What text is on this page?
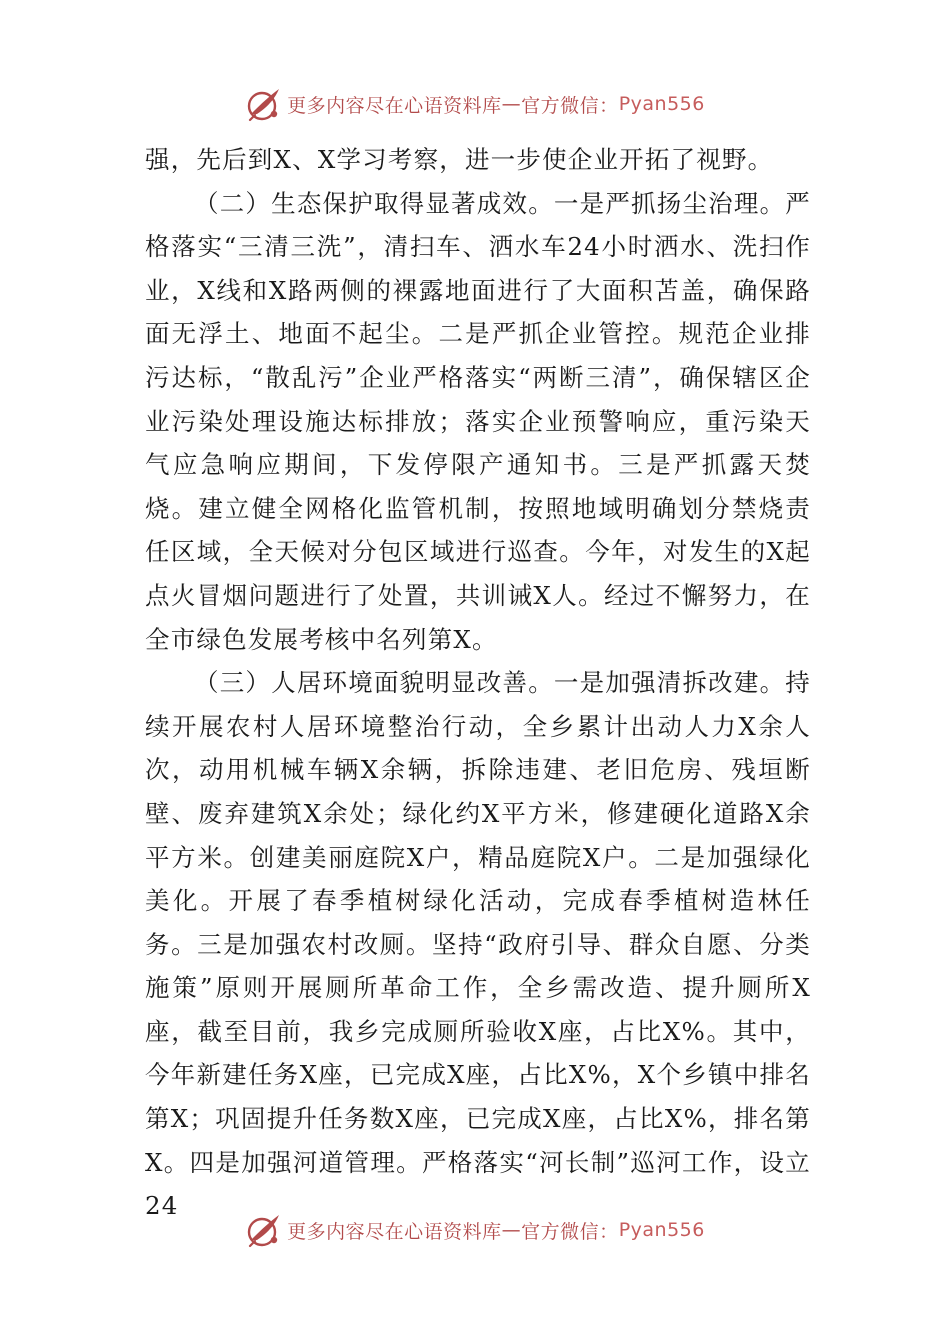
更多内容尽在心语资料库 — 官方微信： Pyan556

强，先后到X、X学习考察，进一步使企业开拓了视野。

（二）生态保护取得显著成效。一是严抓扬尘治理。严格落实“三清三洗”，清扫车、洒水车24小时洒水、洗扫作业，X线和X路两侧的裸露地面进行了大面积苫盖，确保路面无浮土、地面不起尘。二是严抓企业管控。规范企业排污达标，“散乱污”企业严格落实“两断三清”，确保辖区企业污染处理设施达标排放；落实企业预警响应，重污染天气应急响应期间，下发停限产通知书。三是严抓露天焚烧。建立健全网格化监管机制，按照地域明确划分禁烧责任区域，全天候对分包区域进行巡查。今年，对发生的X起点火冒烟问题进行了处置，共训诫X人。经过不懈努力，在全市绿色发展考核中名列第X。

（三）人居环境面貌明显改善。一是加强清拆改建。持续开展农村人居环境整治行动，全乡累计出动人力X余人次，动用机械车辆X余辆，拆除违建、老旧危房、残垣断壁、废弃建筑X余处；绿化约X平方米，修建硬化道路X余平方米。创建美丽庭院X户，精品庭院X户。二是加强绿化美化。开展了春季植树绿化活动，完成春季植树造林任务。三是加强农村改厕。坚持“政府引导、群众自愿、分类施策”原则开展厕所革命工作，全乡需改造、提升厕所X座，截至目前，我乡完成厕所验收X座，占比X%。其中，今年新建任务X座，已完成X座，占比X%，X个乡镇中排名第X；巩固提升任务数X座，已完成X座，占比X%，排名第X。四是加强河道管理。严格落实“河长制”巡河工作，设立24

更多内容尽在心语资料库 — 官方微信： Pyan556
